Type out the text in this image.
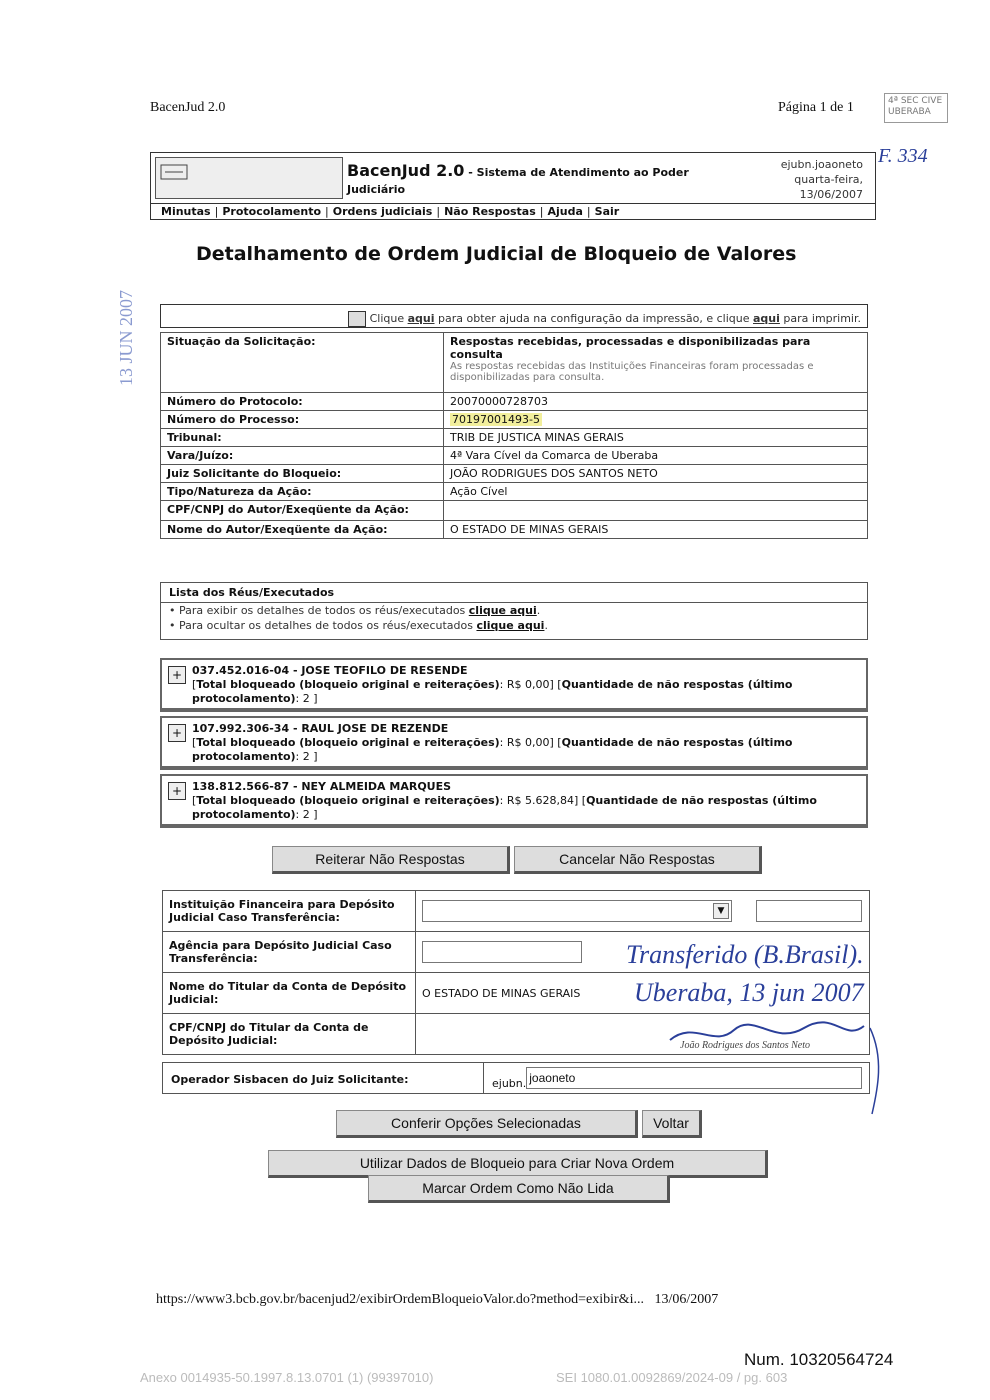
BacenJud 2.0	Página 1 de 1	4ª SEC CIVE
UBERABA
F. 334
BacenJud 2.0 - Sistema de Atendimento ao Poder
Judiciário
ejubn.joaoneto
quarta-feira,
13/06/2007
Minutas | Protocolamento | Ordens judiciais | Não Respostas | Ajuda | Sair
Detalhamento de Ordem Judicial de Bloqueio de Valores
13 JUN 2007	Clique aqui para obter ajuda na configuração da impressão, e clique aqui para imprimir.
Situação da Solicitação:	Respostas recebidas, processadas e disponibilizadas para consulta
As respostas recebidas das Instituições Financeiras foram processadas e disponibilizadas para consulta.

Número do Protocolo:	20070000728703
Número do Processo:	70197001493-5
Tribunal:	TRIB DE JUSTICA MINAS GERAIS
Vara/Juízo:	4ª Vara Cível da Comarca de Uberaba
Juiz Solicitante do Bloqueio:	JOÃO RODRIGUES DOS SANTOS NETO
Tipo/Natureza da Ação:	Ação Cível
CPF/CNPJ do Autor/Exeqüente da Ação:	
Nome do Autor/Exeqüente da Ação:	O ESTADO DE MINAS GERAIS
Lista dos Réus/Executados
• Para exibir os detalhes de todos os réus/executados clique aqui.
• Para ocultar os detalhes de todos os réus/executados clique aqui.
+ 037.452.016-04 - JOSE TEOFILO DE RESENDE
[Total bloqueado (bloqueio original e reiterações): R$ 0,00] [Quantidade de não respostas (último protocolamento): 2 ]
+ 107.992.306-34 - RAUL JOSE DE REZENDE
[Total bloqueado (bloqueio original e reiterações): R$ 0,00] [Quantidade de não respostas (último protocolamento): 2 ]
+ 138.812.566-87 - NEY ALMEIDA MARQUES
[Total bloqueado (bloqueio original e reiterações): R$ 5.628,84] [Quantidade de não respostas (último protocolamento): 2 ]
Reiterar Não Respostas	Cancelar Não Respostas
Instituição Financeira para Depósito Judicial Caso Transferência:	▼

Agência para Depósito Judicial Caso Transferência:	
Nome do Titular da Conta de Depósito Judicial:	O ESTADO DE MINAS GERAIS
CPF/CNPJ do Titular da Conta de Depósito Judicial:	
Operador Sisbacen do Juiz Solicitante:	ejubn. joaoneto
Transferido (B.Brasil).
Uberaba, 13 jun 2007
João Rodrigues dos Santos Neto
Conferir Opções Selecionadas	Voltar
Utilizar Dados de Bloqueio para Criar Nova Ordem
Marcar Ordem Como Não Lida
https://www3.bcb.gov.br/bacenjud2/exibirOrdemBloqueioValor.do?method=exibir&i... 13/06/2007
Num. 10320564724
Anexo 0014935-50.1997.8.13.0701 (1) (99397010)	SEI 1080.01.0092869/2024-09 / pg. 603
